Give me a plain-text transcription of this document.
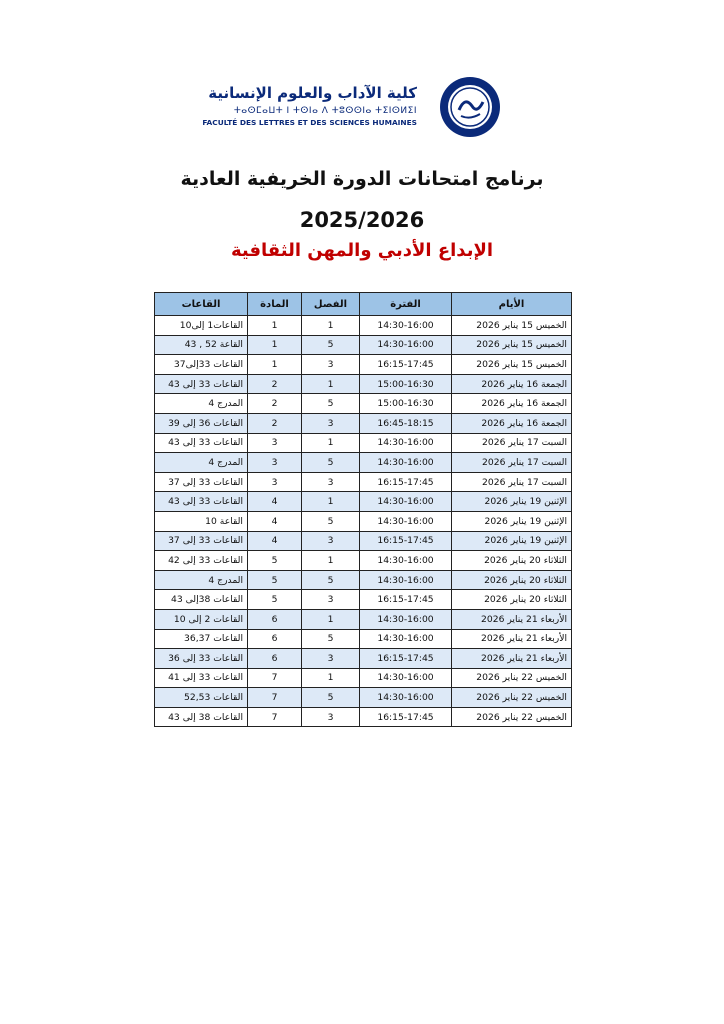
كلية الآداب والعلوم الإنسانية
ⵜⴰⵙⵎⴰⵡⵜ ⵏ ⵜⵙⵏⴰ ⴷ ⵜⵓⵙⵙⵏⴰ ⵜⵉⵏⵙⵍⵉⵏ
FACULTÉ DES LETTRES ET DES SCIENCES HUMAINES
برنامج امتحانات الدورة الخريفية العادية
2025/2026
الإبداع الأدبي والمهن الثقافية
الأيام	الفترة	الفصل	المادة	القاعات
الخميس 15 يناير 2026	14:30-16:00	1	1	القاعات1 إلى10
الخميس 15 يناير 2026	14:30-16:00	5	1	القاعة 52 , 43
الخميس 15 يناير 2026	16:15-17:45	3	1	القاعات 33إلى37
الجمعة 16 يناير 2026	15:00-16:30	1	2	القاعات 33 إلى 43
الجمعة 16 يناير 2026	15:00-16:30	5	2	المدرج 4
الجمعة 16 يناير 2026	16:45-18:15	3	2	القاعات 36 إلى 39
السبت 17 يناير 2026	14:30-16:00	1	3	القاعات 33 إلى 43
السبت 17 يناير 2026	14:30-16:00	5	3	المدرج 4
السبت 17 يناير 2026	16:15-17:45	3	3	القاعات 33 إلى 37
الإثنين 19 يناير 2026	14:30-16:00	1	4	القاعات 33 إلى 43
الإثنين 19 يناير 2026	14:30-16:00	5	4	القاعة 10
الإثنين 19 يناير 2026	16:15-17:45	3	4	القاعات 33 إلى 37
الثلاثاء 20 يناير 2026	14:30-16:00	1	5	القاعات 33 إلى 42
الثلاثاء 20 يناير 2026	14:30-16:00	5	5	المدرج 4
الثلاثاء 20 يناير 2026	16:15-17:45	3	5	القاعات 38إلى 43
الأربعاء 21 يناير 2026	14:30-16:00	1	6	القاعات 2 إلى 10
الأربعاء 21 يناير 2026	14:30-16:00	5	6	القاعات 36,37
الأربعاء 21 يناير 2026	16:15-17:45	3	6	القاعات 33 إلى 36
الخميس 22 يناير 2026	14:30-16:00	1	7	القاعات 33 إلى 41
الخميس 22 يناير 2026	14:30-16:00	5	7	القاعات 52,53
الخميس 22 يناير 2026	16:15-17:45	3	7	القاعات 38 إلى 43
